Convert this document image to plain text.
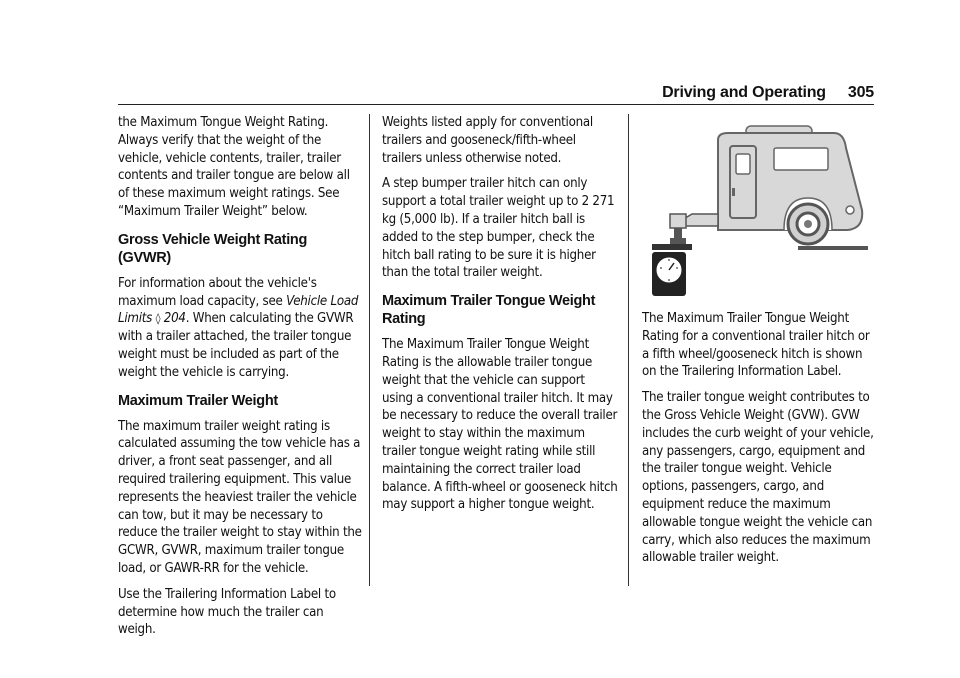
Driving and Operating 305

the Maximum Tongue Weight Rating. Always verify that the weight of the vehicle, vehicle contents, trailer, trailer contents and trailer tongue are below all of these maximum weight ratings. See “Maximum Trailer Weight” below.

Gross Vehicle Weight Rating (GVWR)

For information about the vehicle's maximum load capacity, see Vehicle Load Limits ◊ 204. When calculating the GVWR with a trailer attached, the trailer tongue weight must be included as part of the weight the vehicle is carrying.

Maximum Trailer Weight

The maximum trailer weight rating is calculated assuming the tow vehicle has a driver, a front seat passenger, and all required trailering equipment. This value represents the heaviest trailer the vehicle can tow, but it may be necessary to reduce the trailer weight to stay within the GCWR, GVWR, maximum trailer tongue load, or GAWR-RR for the vehicle.

Use the Trailering Information Label to determine how much the trailer can weigh.

Weights listed apply for conventional trailers and gooseneck/fifth-wheel trailers unless otherwise noted.

A step bumper trailer hitch can only support a total trailer weight up to 2 271 kg (5,000 lb). If a trailer hitch ball is added to the step bumper, check the hitch ball rating to be sure it is higher than the total trailer weight.

Maximum Trailer Tongue Weight Rating

The Maximum Trailer Tongue Weight Rating is the allowable trailer tongue weight that the vehicle can support using a conventional trailer hitch. It may be necessary to reduce the overall trailer weight to stay within the maximum trailer tongue weight rating while still maintaining the correct trailer load balance. A fifth-wheel or gooseneck hitch may support a higher tongue weight.

The Maximum Trailer Tongue Weight Rating for a conventional trailer hitch or a fifth wheel/gooseneck hitch is shown on the Trailering Information Label.

The trailer tongue weight contributes to the Gross Vehicle Weight (GVW). GVW includes the curb weight of your vehicle, any passengers, cargo, equipment and the trailer tongue weight. Vehicle options, passengers, cargo, and equipment reduce the maximum allowable tongue weight the vehicle can carry, which also reduces the maximum allowable trailer weight.
